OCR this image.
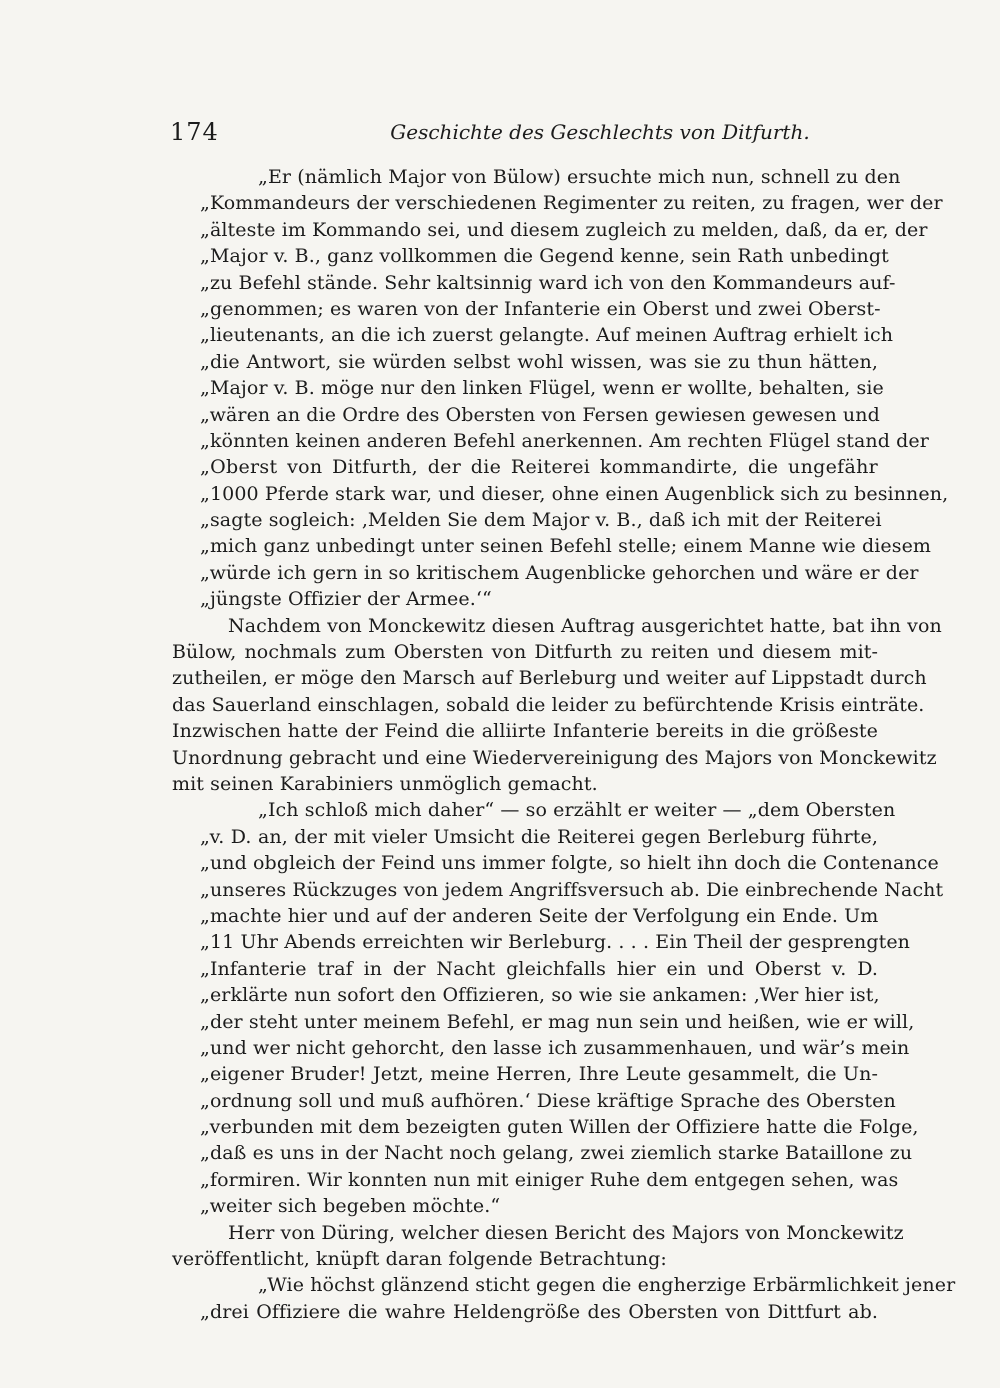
174	Geschichte des Geschlechts von Ditfurth.
„Er (nämlich Major von Bülow) ersuchte mich nun, schnell zu den
„Kommandeurs der verschiedenen Regimenter zu reiten, zu fragen, wer der
„älteste im Kommando sei, und diesem zugleich zu melden, daß, da er, der
„Major v. B., ganz vollkommen die Gegend kenne, sein Rath unbedingt
„zu Befehl stände. Sehr kaltsinnig ward ich von den Kommandeurs auf-
„genommen; es waren von der Infanterie ein Oberst und zwei Oberst-
„lieutenants, an die ich zuerst gelangte. Auf meinen Auftrag erhielt ich
„die Antwort, sie würden selbst wohl wissen, was sie zu thun hätten,
„Major v. B. möge nur den linken Flügel, wenn er wollte, behalten, sie
„wären an die Ordre des Obersten von Fersen gewiesen gewesen und
„könnten keinen anderen Befehl anerkennen. Am rechten Flügel stand der
„Oberst von Ditfurth, der die Reiterei kommandirte, die ungefähr
„1000 Pferde stark war, und dieser, ohne einen Augenblick sich zu besinnen,
„sagte sogleich: ‚Melden Sie dem Major v. B., daß ich mit der Reiterei
„mich ganz unbedingt unter seinen Befehl stelle; einem Manne wie diesem
„würde ich gern in so kritischem Augenblicke gehorchen und wäre er der
„jüngste Offizier der Armee.‘“
Nachdem von Monckewitz diesen Auftrag ausgerichtet hatte, bat ihn von
Bülow, nochmals zum Obersten von Ditfurth zu reiten und diesem mit-
zutheilen, er möge den Marsch auf Berleburg und weiter auf Lippstadt durch
das Sauerland einschlagen, sobald die leider zu befürchtende Krisis einträte.
Inzwischen hatte der Feind die alliirte Infanterie bereits in die größeste
Unordnung gebracht und eine Wiedervereinigung des Majors von Monckewitz
mit seinen Karabiniers unmöglich gemacht.
„Ich schloß mich daher“ — so erzählt er weiter — „dem Obersten
„v. D. an, der mit vieler Umsicht die Reiterei gegen Berleburg führte,
„und obgleich der Feind uns immer folgte, so hielt ihn doch die Contenance
„unseres Rückzuges von jedem Angriffsversuch ab. Die einbrechende Nacht
„machte hier und auf der anderen Seite der Verfolgung ein Ende. Um
„11 Uhr Abends erreichten wir Berleburg. . . . Ein Theil der gesprengten
„Infanterie traf in der Nacht gleichfalls hier ein und Oberst v. D.
„erklärte nun sofort den Offizieren, so wie sie ankamen: ‚Wer hier ist,
„der steht unter meinem Befehl, er mag nun sein und heißen, wie er will,
„und wer nicht gehorcht, den lasse ich zusammenhauen, und wär’s mein
„eigener Bruder! Jetzt, meine Herren, Ihre Leute gesammelt, die Un-
„ordnung soll und muß aufhören.‘ Diese kräftige Sprache des Obersten
„verbunden mit dem bezeigten guten Willen der Offiziere hatte die Folge,
„daß es uns in der Nacht noch gelang, zwei ziemlich starke Bataillone zu
„formiren. Wir konnten nun mit einiger Ruhe dem entgegen sehen, was
„weiter sich begeben möchte.“
Herr von Düring, welcher diesen Bericht des Majors von Monckewitz
veröffentlicht, knüpft daran folgende Betrachtung:
„Wie höchst glänzend sticht gegen die engherzige Erbärmlichkeit jener
„drei Offiziere die wahre Heldengröße des Obersten von Dittfurt ab.
